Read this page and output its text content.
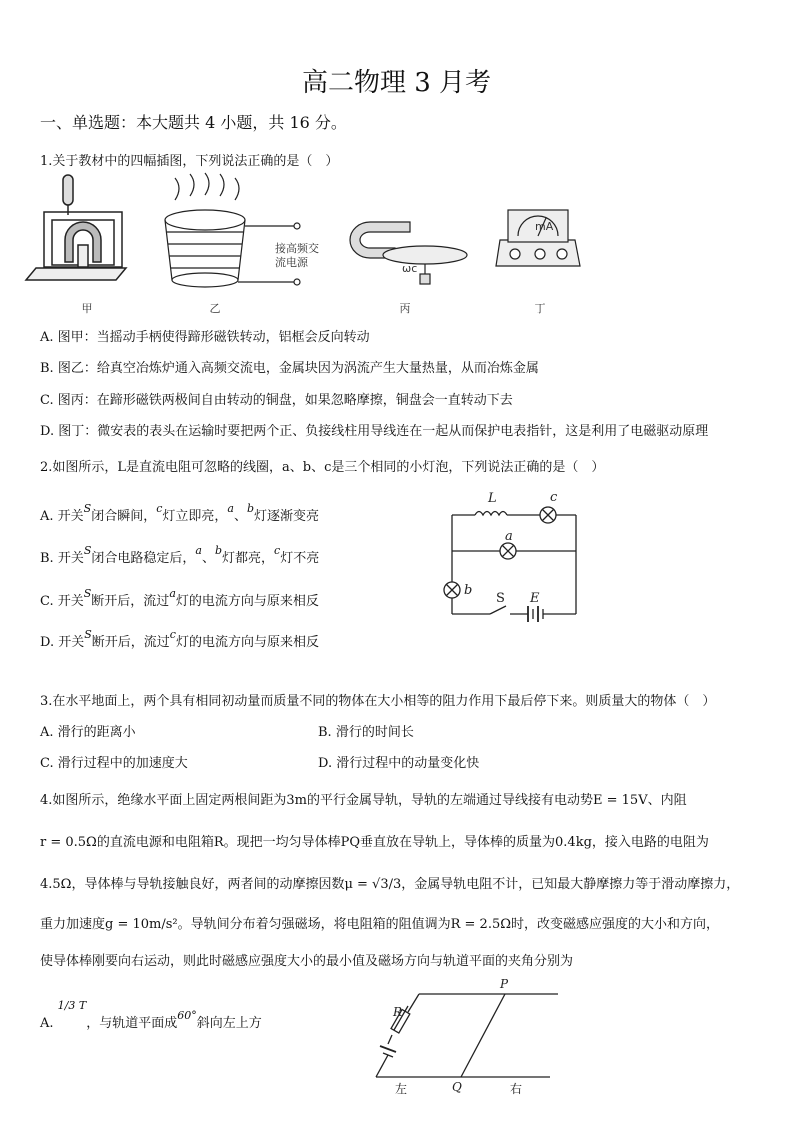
高二物理 3 月考
一、单选题：本大题共 4 小题，共 16 分。
1.关于教材中的四幅插图，下列说法正确的是（　）
甲
接高频交
流电源
乙
ωc
丙
mA
丁
A. 图甲：当摇动手柄使得蹄形磁铁转动，铝框会反向转动
B. 图乙：给真空冶炼炉通入高频交流电，金属块因为涡流产生大量热量，从而冶炼金属
C. 图丙：在蹄形磁铁两极间自由转动的铜盘，如果忽略摩擦，铜盘会一直转动下去
D. 图丁：微安表的表头在运输时要把两个正、负接线柱用导线连在一起从而保护电表指针，这是利用了电磁驱动原理
2.如图所示，L是直流电阻可忽略的线圈，a、b、c是三个相同的小灯泡，下列说法正确的是（　）
A. 开关$^S$闭合瞬间，$^c$灯立即亮，$^a$、$^b$灯逐渐变亮
B. 开关$^S$闭合电路稳定后，$^a$、$^b$灯都亮，$^c$灯不亮
C. 开关$^S$断开后，流过$^a$灯的电流方向与原来相反
D. 开关$^S$断开后，流过$^c$灯的电流方向与原来相反
L	c
a
b
S E
3.在水平地面上，两个具有相同初动量而质量不同的物体在大小相等的阻力作用下最后停下来。则质量大的物体（　）
A. 滑行的距离小	B. 滑行的时间长
C. 滑行过程中的加速度大	D. 滑行过程中的动量变化快
4.如图所示，绝缘水平面上固定两根间距为3m的平行金属导轨，导轨的左端通过导线接有电动势E = 15V、内阻
r = 0.5Ω的直流电源和电阻箱R。现把一均匀导体棒PQ垂直放在导轨上，导体棒的质量为0.4kg，接入电路的电阻为
4.5Ω，导体棒与导轨接触良好，两者间的动摩擦因数μ = √3/3，金属导轨电阻不计，已知最大静摩擦力等于滑动摩擦力，
重力加速度g = 10m/s²。导轨间分布着匀强磁场，将电阻箱的阻值调为R = 2.5Ω时，改变磁感应强度的大小和方向，
使导体棒刚要向右运动，则此时磁感应强度大小的最小值及磁场方向与轨道平面的夹角分别为
A. $^{1/3 T}$，与轨道平面成$^{60^\circ}$斜向左上方
P
Q
R
左	右
